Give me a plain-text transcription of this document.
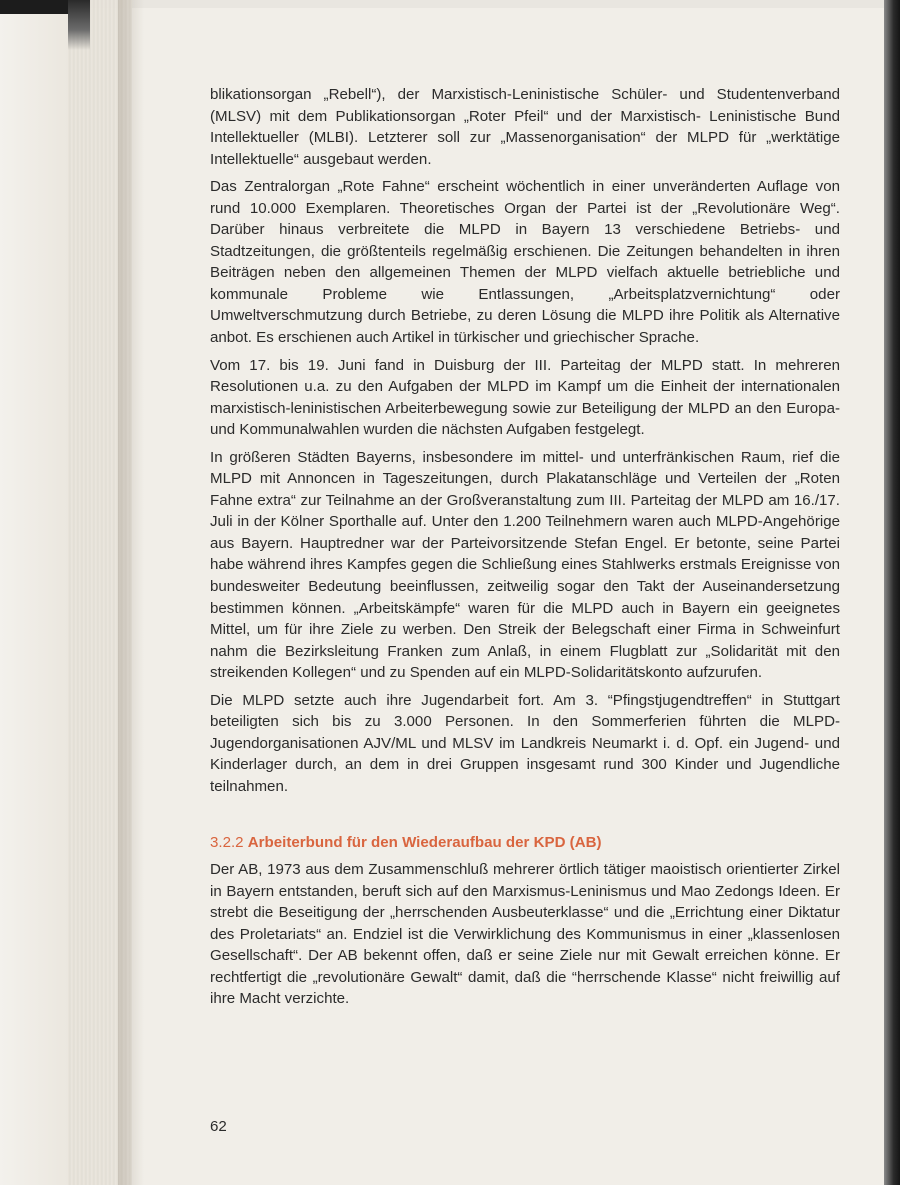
blikationsorgan „Rebell“), der Marxistisch-Leninistische Schüler- und Studentenverband (MLSV) mit dem Publikationsorgan „Roter Pfeil“ und der Marxistisch- Leninistische Bund Intellektueller (MLBI). Letzterer soll zur „Massenorganisation“ der MLPD für „werktätige Intellektuelle“ ausgebaut werden.

Das Zentralorgan „Rote Fahne“ erscheint wöchentlich in einer unveränderten Auflage von rund 10.000 Exemplaren. Theoretisches Organ der Partei ist der „Revolutionäre Weg“. Darüber hinaus verbreitete die MLPD in Bayern 13 verschiedene Betriebs- und Stadtzeitungen, die größtenteils regelmäßig erschienen. Die Zeitungen behandelten in ihren Beiträgen neben den allgemeinen Themen der MLPD vielfach aktuelle betriebliche und kommunale Probleme wie Entlassungen, „Arbeitsplatzvernichtung“ oder Umweltverschmutzung durch Betriebe, zu deren Lösung die MLPD ihre Politik als Alternative anbot. Es erschienen auch Artikel in türkischer und griechischer Sprache.

Vom 17. bis 19. Juni fand in Duisburg der III. Parteitag der MLPD statt. In mehreren Resolutionen u.a. zu den Aufgaben der MLPD im Kampf um die Einheit der internationalen marxistisch-leninistischen Arbeiterbewegung sowie zur Beteiligung der MLPD an den Europa- und Kommunalwahlen wurden die nächsten Aufgaben festgelegt.

In größeren Städten Bayerns, insbesondere im mittel- und unterfränkischen Raum, rief die MLPD mit Annoncen in Tageszeitungen, durch Plakatanschläge und Verteilen der „Roten Fahne extra“ zur Teilnahme an der Großveranstaltung zum III. Parteitag der MLPD am 16./17. Juli in der Kölner Sporthalle auf. Unter den 1.200 Teilnehmern waren auch MLPD-Angehörige aus Bayern. Hauptredner war der Parteivorsitzende Stefan Engel. Er betonte, seine Partei habe während ihres Kampfes gegen die Schließung eines Stahlwerks erstmals Ereignisse von bundesweiter Bedeutung beeinflussen, zeitweilig sogar den Takt der Auseinandersetzung bestimmen können. „Arbeitskämpfe“ waren für die MLPD auch in Bayern ein geeignetes Mittel, um für ihre Ziele zu werben. Den Streik der Belegschaft einer Firma in Schweinfurt nahm die Bezirksleitung Franken zum Anlaß, in einem Flugblatt zur „Solidarität mit den streikenden Kollegen“ und zu Spenden auf ein MLPD-Solidaritätskonto aufzurufen.

Die MLPD setzte auch ihre Jugendarbeit fort. Am 3. “Pfingstjugendtreffen“ in Stuttgart beteiligten sich bis zu 3.000 Personen. In den Sommerferien führten die MLPD-Jugendorganisationen AJV/ML und MLSV im Landkreis Neumarkt i. d. Opf. ein Jugend- und Kinderlager durch, an dem in drei Gruppen insgesamt rund 300 Kinder und Jugendliche teilnahmen.

3.2.2 Arbeiterbund für den Wiederaufbau der KPD (AB)

Der AB, 1973 aus dem Zusammenschluß mehrerer örtlich tätiger maoistisch orientierter Zirkel in Bayern entstanden, beruft sich auf den Marxismus-Leninismus und Mao Zedongs Ideen. Er strebt die Beseitigung der „herrschenden Ausbeuterklasse“ und die „Errichtung einer Diktatur des Proletariats“ an. Endziel ist die Verwirklichung des Kommunismus in einer „klassenlosen Gesellschaft“. Der AB bekennt offen, daß er seine Ziele nur mit Gewalt erreichen könne. Er rechtfertigt die „revolutionäre Gewalt“ damit, daß die “herrschende Klasse“ nicht freiwillig auf ihre Macht verzichte.

62
